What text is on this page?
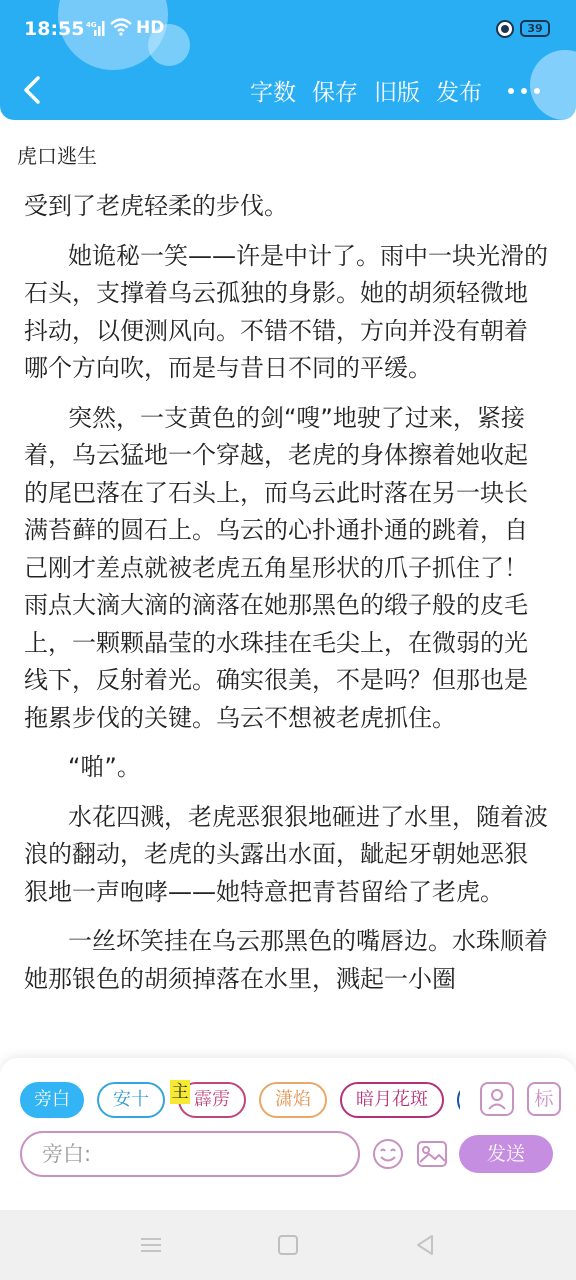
18:55 4G HD	39
字数 保存 旧版 发布
虎口逃生

受到了老虎轻柔的步伐。

她诡秘一笑——许是中计了。雨中一块光滑的石头，支撑着乌云孤独的身影。她的胡须轻微地抖动，以便测风向。不错不错，方向并没有朝着哪个方向吹，而是与昔日不同的平缓。

突然，一支黄色的剑“嗖”地驶了过来，紧接着，乌云猛地一个穿越，老虎的身体擦着她收起的尾巴落在了石头上，而乌云此时落在另一块长满苔藓的圆石上。乌云的心扑通扑通的跳着，自己刚才差点就被老虎五角星形状的爪子抓住了！雨点大滴大滴的滴落在她那黑色的缎子般的皮毛上，一颗颗晶莹的水珠挂在毛尖上，在微弱的光线下，反射着光。确实很美，不是吗？但那也是拖累步伐的关键。乌云不想被老虎抓住。

“啪”。

水花四溅，老虎恶狠狠地砸进了水里，随着波浪的翻动，老虎的头露出水面，龇起牙朝她恶狠狠地一声咆哮——她特意把青苔留给了老虎。

一丝坏笑挂在乌云那黑色的嘴唇边。水珠顺着她那银色的胡须掉落在水里，溅起一小圈

旁白	安十	霹雳	潇焰	暗月花斑
主	标
旁白:	发送
